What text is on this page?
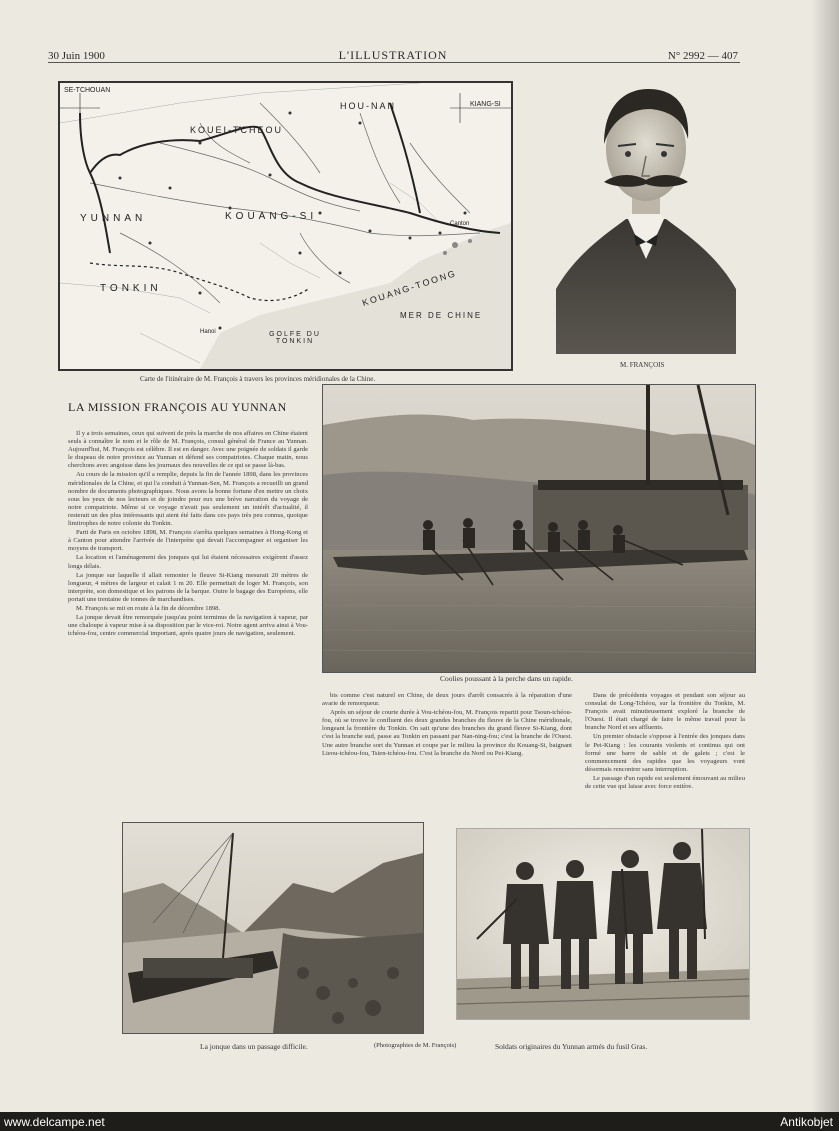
30 Juin 1900	L'ILLUSTRATION	N° 2992 — 407
SE-TCHOUAN
HOU-NAN	KIANG-SI
KOUEI-TCHEOU
YUNNAN	KOUANG-SI
KOUANG-TOONG
TONKIN
MER DE CHINE
GOLFE DU TONKIN
Canton
Hanoi
Carte de l'itinéraire de M. François à travers les provinces méridionales de la Chine.
M. FRANÇOIS
LA MISSION FRANÇOIS AU YUNNAN

Il y a trois semaines, ceux qui suivent de près la marche de nos affaires en Chine étaient seuls à connaître le nom et le rôle de M. François, consul général de France au Yunnan. Aujourd'hui, M. François est célèbre. Il est en danger. Avec une poignée de soldats il garde le drapeau de notre province au Yunnan et défend ses compatriotes. Chaque matin, nous cherchons avec angoisse dans les journaux des nouvelles de ce qui se passe là-bas.

Au cours de la mission qu'il a remplie, depuis la fin de l'année 1898, dans les provinces méridionales de la Chine, et qui l'a conduit à Yunnan-Sen, M. François a recueilli un grand nombre de documents photographiques. Nous avons la bonne fortune d'en mettre un choix sous les yeux de nos lecteurs et de joindre pour eux une brève narration du voyage de notre compatriote. Même si ce voyage n'avait pas seulement un intérêt d'actualité, il resterait un des plus intéressants qui aient été faits dans ces pays très peu connus, quoique limitrophes de notre colonie du Tonkin.

Parti de Paris en octobre 1898, M. François s'arrêta quelques semaines à Hong-Kong et à Canton pour attendre l'arrivée de l'interprète qui devait l'accompagner et organiser les moyens de transport.

La location et l'aménagement des jonques qui lui étaient nécessaires exigèrent d'assez longs délais.

La jonque sur laquelle il allait remonter le fleuve Si-Kiang mesurait 20 mètres de longueur, 4 mètres de largeur et calait 1 m 20. Elle permettait de loger M. François, son interprète, son domestique et les patrons de la barque. Outre le bagage des Européens, elle portait une trentaine de tonnes de marchandises.

M. François se mit en route à la fin de décembre 1898.

La jonque devait être remorquée jusqu'au point terminus de la navigation à vapeur, par une chaloupe à vapeur mise à sa disposition par le vice-roi. Notre agent arriva ainsi à Vou-tchéou-fou, centre commercial important, après quatre jours de navigation, seulement.

bis comme c'est naturel en Chine, de deux jours d'arrêt consacrés à la réparation d'une avarie de remorqueur.

Après un séjour de courte durée à Vou-tchéou-fou, M. François repartit pour Tsoun-tchéou-fou, où se trouve le confluent des deux grandes branches du fleuve de la Chine méridionale, longeant la frontière du Tonkin. On sait qu'une des branches du grand fleuve Si-Kiang, dont c'est la branche sud, passe au Tonkin en passant par Nan-ning-fou; c'est la branche de l'Ouest. Une autre branche sort du Yunnan et coupe par le milieu la province du Kouang-Si, baignant Lieou-tchéou-fou, Tsien-tchéou-fou. C'est la branche du Nord ou Pei-Kiang.

Dans de précédents voyages et pendant son séjour au consulat de Long-Tchéou, sur la frontière du Tonkin, M. François avait minutieusement exploré la branche de l'Ouest. Il était chargé de faire le même travail pour la branche Nord et ses affluents.

Un premier obstacle s'oppose à l'entrée des jonques dans le Pei-Kiang : les courants violents et continus qui ont formé une barre de sable et de galets ; c'est le commencement des rapides que les voyageurs vont désormais rencontrer sans interruption.

Le passage d'un rapide est seulement émouvant au milieu de cette vue qui laisse avec force entière.

Coolies poussant à la perche dans un rapide.
La jonque dans un passage difficile.	(Photographies de M. François)	Soldats originaires du Yunnan armés du fusil Gras.
www.delcampe.net	Antikobjet
